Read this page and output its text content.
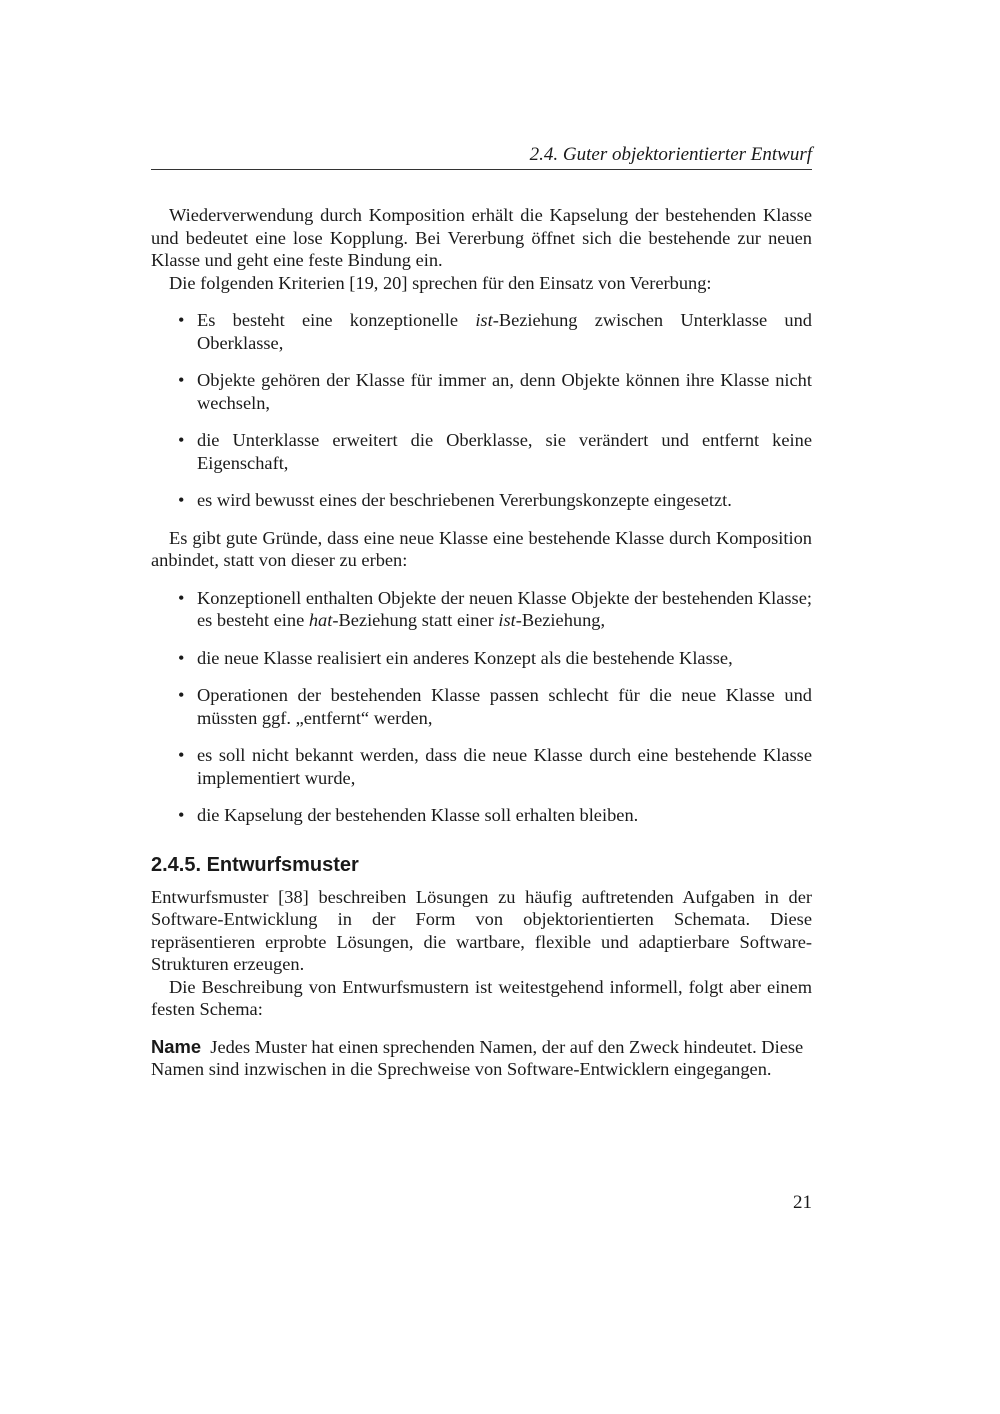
2.4. Guter objektorientierter Entwurf

Wiederverwendung durch Komposition erhält die Kapselung der bestehenden Klasse und bedeutet eine lose Kopplung. Bei Vererbung öffnet sich die bestehende zur neuen Klasse und geht eine feste Bindung ein.

Die folgenden Kriterien [19, 20] sprechen für den Einsatz von Vererbung:

• Es besteht eine konzeptionelle ist-Beziehung zwischen Unterklasse und Oberklasse,
• Objekte gehören der Klasse für immer an, denn Objekte können ihre Klasse nicht wechseln,
• die Unterklasse erweitert die Oberklasse, sie verändert und entfernt keine Eigenschaft,
• es wird bewusst eines der beschriebenen Vererbungskonzepte eingesetzt.

Es gibt gute Gründe, dass eine neue Klasse eine bestehende Klasse durch Komposition anbindet, statt von dieser zu erben:

• Konzeptionell enthalten Objekte der neuen Klasse Objekte der bestehenden Klasse; es besteht eine hat-Beziehung statt einer ist-Beziehung,
• die neue Klasse realisiert ein anderes Konzept als die bestehende Klasse,
• Operationen der bestehenden Klasse passen schlecht für die neue Klasse und müssten ggf. „entfernt“ werden,
• es soll nicht bekannt werden, dass die neue Klasse durch eine bestehende Klasse implementiert wurde,
• die Kapselung der bestehenden Klasse soll erhalten bleiben.
2.4.5. Entwurfsmuster

Entwurfsmuster [38] beschreiben Lösungen zu häufig auftretenden Aufgaben in der Software-Entwicklung in der Form von objektorientierten Schemata. Diese repräsentieren erprobte Lösungen, die wartbare, flexible und adaptierbare Software-Strukturen erzeugen.

Die Beschreibung von Entwurfsmustern ist weitestgehend informell, folgt aber einem festen Schema:

Name Jedes Muster hat einen sprechenden Namen, der auf den Zweck hindeutet. Diese Namen sind inzwischen in die Sprechweise von Software-Entwicklern eingegangen.
21
